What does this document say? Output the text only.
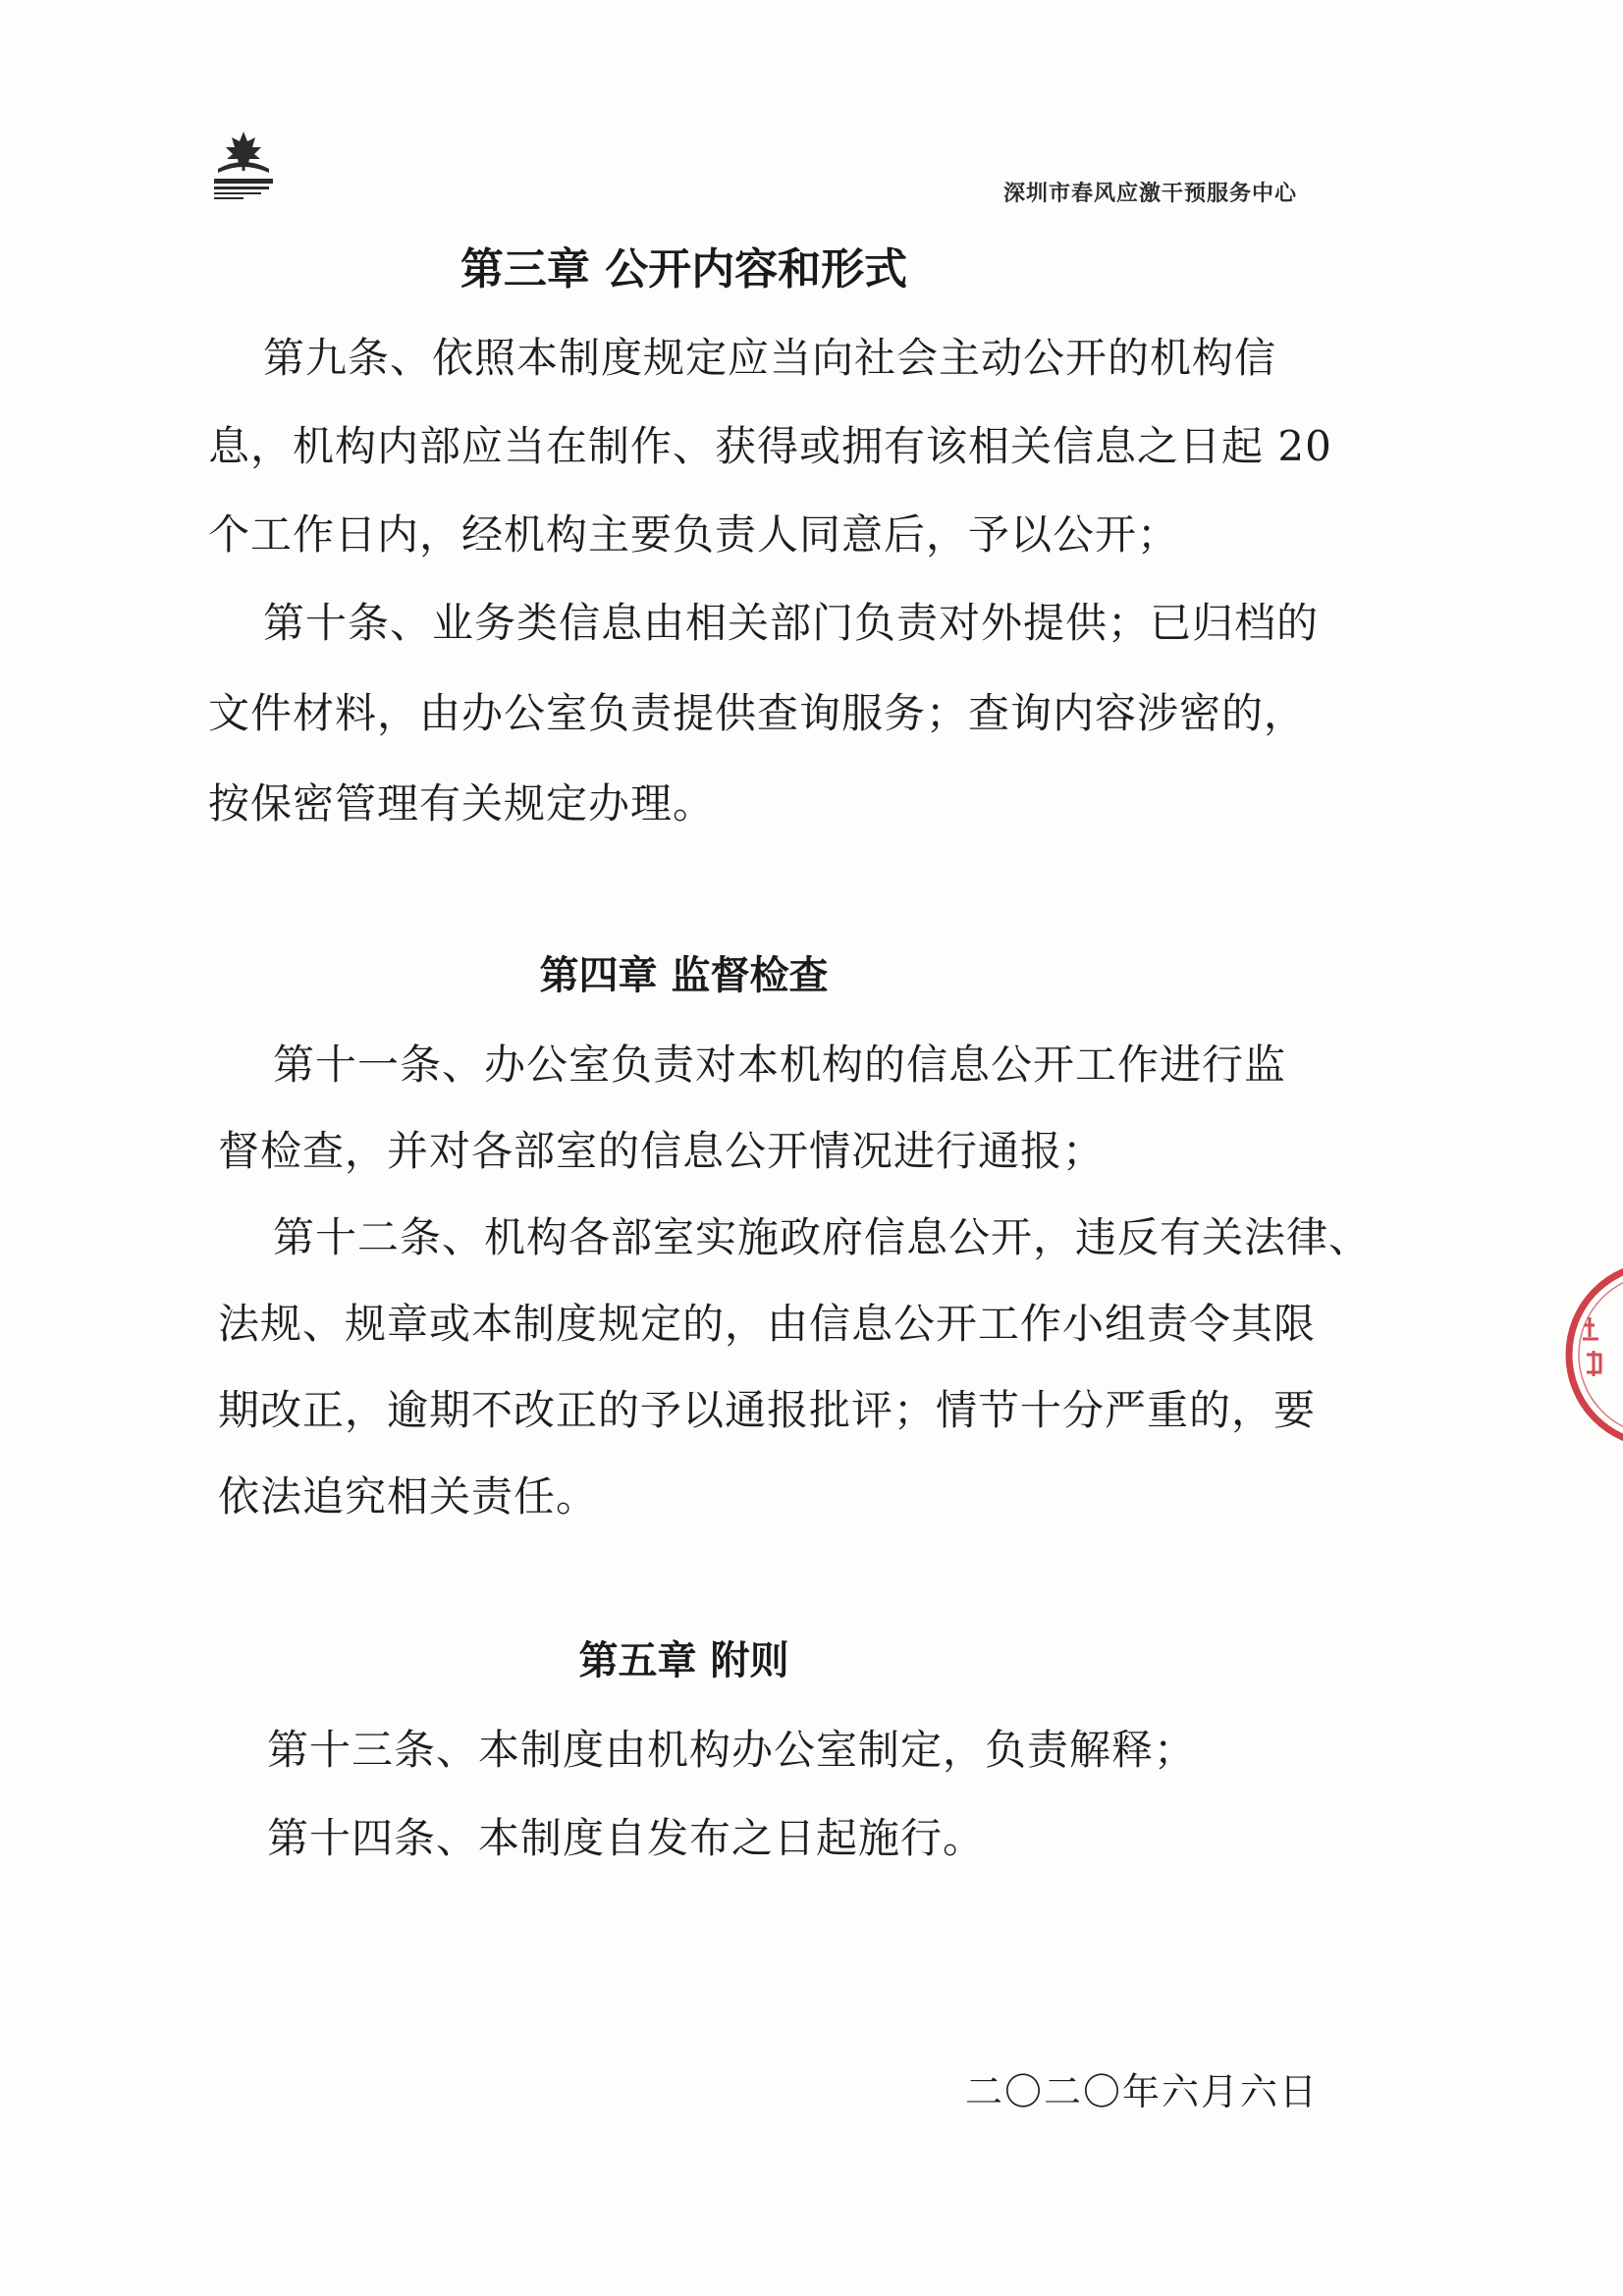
深圳市春风应激干预服务中心
第三章 公开内容和形式
第九条、依照本制度规定应当向社会主动公开的机构信
息，机构内部应当在制作、获得或拥有该相关信息之日起 20
个工作日内，经机构主要负责人同意后，予以公开；
第十条、业务类信息由相关部门负责对外提供；已归档的
文件材料，由办公室负责提供查询服务；查询内容涉密的，
按保密管理有关规定办理。
第四章 监督检查
第十一条、办公室负责对本机构的信息公开工作进行监
督检查，并对各部室的信息公开情况进行通报；
第十二条、机构各部室实施政府信息公开，违反有关法律、
法规、规章或本制度规定的，由信息公开工作小组责令其限
期改正，逾期不改正的予以通报批评；情节十分严重的，要
依法追究相关责任。
第五章 附则
第十三条、本制度由机构办公室制定，负责解释；
第十四条、本制度自发布之日起施行。
二〇二〇年六月六日
